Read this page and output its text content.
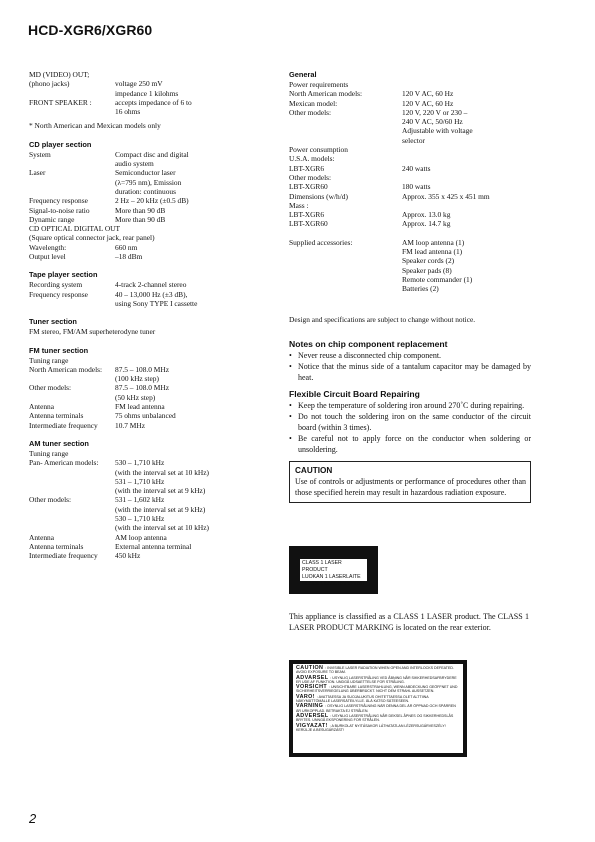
HCD-XGR6/XGR60
MD (VIDEO) OUT;
(phono jacks)	voltage 250 mV
impedance 1 kilohms
FRONT SPEAKER :	accepts impedance of 6 to
16 ohms
* North American and Mexican models only
CD player section
System	Compact disc and digital
audio system
Laser	Semiconductor laser
(λ=795 nm), Emission
duration: continuous
Frequency response	2 Hz – 20 kHz (±0.5 dB)
Signal-to-noise ratio	More than 90 dB
Dynamic range	More than 90 dB
CD OPTICAL DIGITAL OUT
(Square optical connector jack, rear panel)
Wavelength:	660 nm
Output level	–18 dBm
Tape player section
Recording system	4-track 2-channel stereo
Frequency response	40 – 13,000 Hz (±3 dB),
using Sony TYPE I cassette
Tuner section
FM stereo, FM/AM superheterodyne tuner
FM tuner section
Tuning range
North American models:	87.5 – 108.0 MHz
(100 kHz step)
Other models:	87.5 – 108.0 MHz
(50 kHz step)
Antenna	FM lead antenna
Antenna terminals	75 ohms unbalanced
Intermediate frequency	10.7 MHz
AM tuner section
Tuning range
Pan- American models:	530 – 1,710 kHz
(with the interval set at 10 kHz)
531 – 1,710 kHz
(with the interval set at 9 kHz)
Other models:	531 – 1,602 kHz
(with the interval set at 9 kHz)
530 – 1,710 kHz
(with the interval set at 10 kHz)
Antenna	AM loop antenna
Antenna terminals	External antenna terminal
Intermediate frequency	450 kHz
General
Power requirements
North American models:	120 V AC, 60 Hz
Mexican model:	120 V AC, 60 Hz
Other models:	120 V, 220 V or 230 –
240 V AC, 50/60 Hz
Adjustable with voltage
selector
Power consumption
U.S.A. models:
LBT-XGR6	240 watts
Other models:
LBT-XGR60	180 watts
Dimensions (w/h/d)	Approx. 355 x 425 x 451 mm
Mass :
LBT-XGR6	Approx. 13.0 kg
LBT-XGR60	Approx. 14.7 kg
Supplied accessories:	AM loop antenna (1)
FM lead antenna (1)
Speaker cords (2)
Speaker pads (8)
Remote commander (1)
Batteries (2)
Design and specifications are subject to change without notice.
Notes on chip component replacement
• Never reuse a disconnected chip component.
• Notice that the minus side of a tantalum capacitor may be damaged by heat.
Flexible Circuit Board Repairing
• Keep the temperature of soldering iron around 270˚C during repairing.
• Do not touch the soldering iron on the same conductor of the circuit board (within 3 times).
• Be careful not to apply force on the conductor when soldering or unsoldering.
CAUTION
Use of controls or adjustments or performance of procedures other than those specified herein may result in hazardous radiation exposure.
CLASS 1 LASER PRODUCT
LUOKAN 1 LASERLAITE
KLASS 1 LASERAPPARAT
This appliance is classified as a CLASS 1 LASER product. The CLASS 1 LASER PRODUCT MARKING is located on the rear exterior.
CAUTION : INVISIBLE LASER RADIATION WHEN OPEN AND INTERLOCKS DEFEATED. AVOID EXPOSURE TO BEAM.
ADVARSEL : USYNLIG LASERSTRÅLING VED ÅBNING NÅR SIKKERHEDSAFBRYDERE ER UDE AF FUNKTION. UNDGÅ UDSAETTELSE FOR STRÅLING.
VORSICHT : UNSICHTBARE LASERSTRAHLUNG, WENN ABDECKUNG GEÖFFNET UND SICHERHEITSVERRIEGELUNG ÜBERBRÜCKT. NICHT DEM STRAHL AUSSETZEN.
VARO! : AVATTAESSA JA SUOJALUKITUS OHITETTAESSA OLET ALTTIINA NÄKYMÄTTÖMÄLLE LASERSÄTEILYLLE. ÄLÄ KATSO SÄTEESEEN.
VARNING : OSYNLIG LASERSTRÅLNING NÄR DENNA DEL ÄR ÖPPNAD OCH SPÄRREN ÄR URKOPPLAD. BETRAKTA EJ STRÅLEN.
ADVERSEL : USYNLIG LASERSTRÅLING NÅR DEKSEL ÅPNES OG SIKKERHEDSLÅS BRYTES. UNNGÅ EKSPONERING FOR STRÅLEN.
VIGYAZAT! : A BURKOLAT NYITÁSAKOR LÁTHATATLAN LÉZERSUGÁRVESZÉLY! KERÜLJE A BESUGÁRZÁST!
2
